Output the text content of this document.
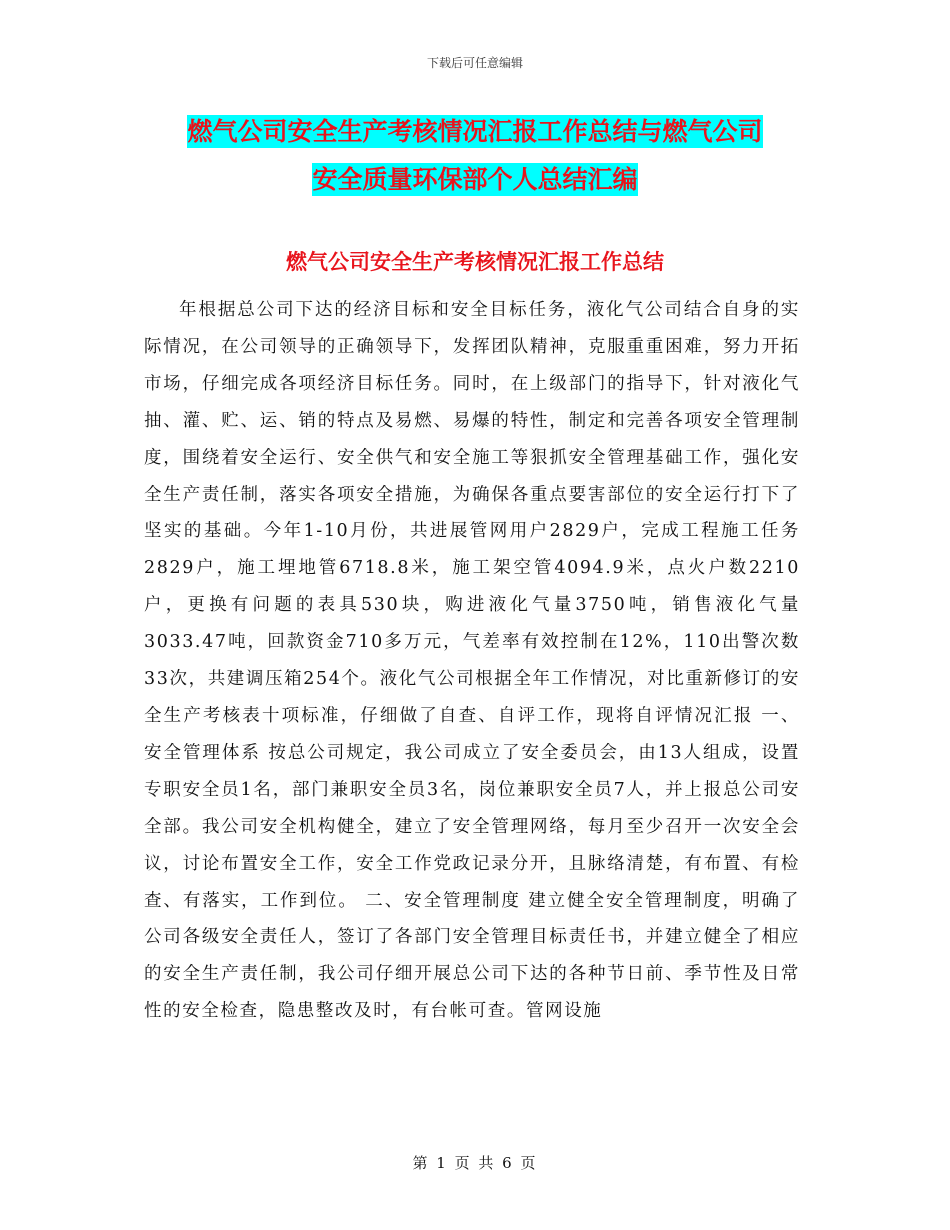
下载后可任意编辑
燃气公司安全生产考核情况汇报工作总结与燃气公司
安全质量环保部个人总结汇编
燃气公司安全生产考核情况汇报工作总结

年根据总公司下达的经济目标和安全目标任务，液化气公司结合自身的实际情况，在公司领导的正确领导下，发挥团队精神，克服重重困难，努力开拓市场，仔细完成各项经济目标任务。同时，在上级部门的指导下，针对液化气抽、灌、贮、运、销的特点及易燃、易爆的特性，制定和完善各项安全管理制度，围绕着安全运行、安全供气和安全施工等狠抓安全管理基础工作，强化安全生产责任制，落实各项安全措施，为确保各重点要害部位的安全运行打下了坚实的基础。今年1-10月份，共进展管网用户2829户，完成工程施工任务2829户，施工埋地管6718.8米，施工架空管4094.9米，点火户数2210户，更换有问题的表具530块，购进液化气量3750吨，销售液化气量3033.47吨，回款资金710多万元，气差率有效控制在12%，110出警次数33次，共建调压箱254个。液化气公司根据全年工作情况，对比重新修订的安全生产考核表十项标准，仔细做了自查、自评工作，现将自评情况汇报 一、安全管理体系 按总公司规定，我公司成立了安全委员会，由13人组成，设置专职安全员1名，部门兼职安全员3名，岗位兼职安全员7人，并上报总公司安全部。我公司安全机构健全，建立了安全管理网络，每月至少召开一次安全会议，讨论布置安全工作，安全工作党政记录分开，且脉络清楚，有布置、有检查、有落实，工作到位。 二、安全管理制度 建立健全安全管理制度，明确了公司各级安全责任人，签订了各部门安全管理目标责任书，并建立健全了相应的安全生产责任制，我公司仔细开展总公司下达的各种节日前、季节性及日常性的安全检查，隐患整改及时，有台帐可查。管网设施

第 1 页 共 6 页
